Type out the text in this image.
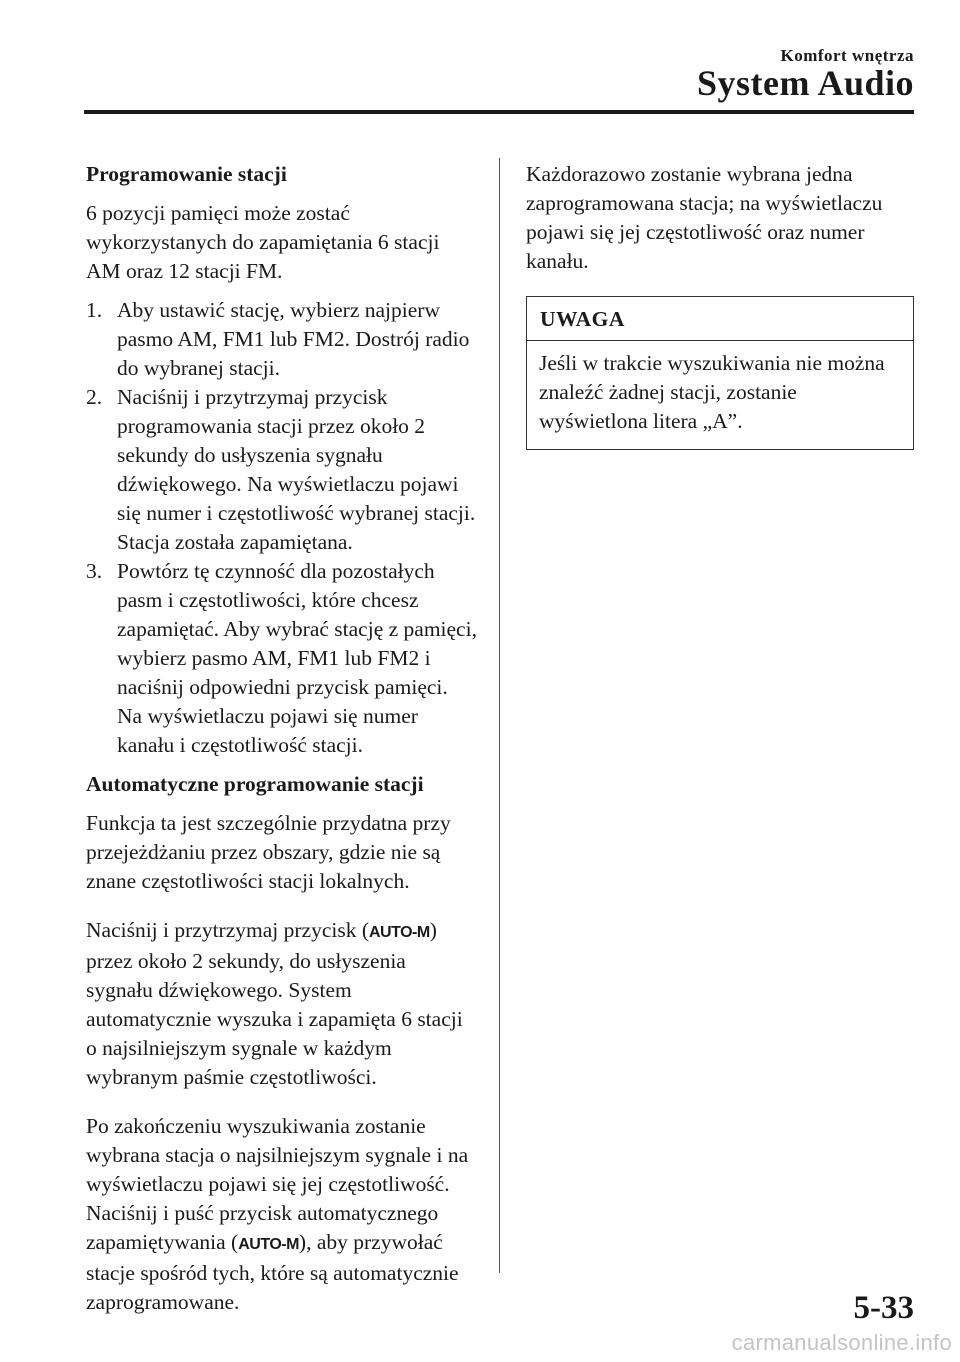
Komfort wnętrza
System Audio
Programowanie stacji

6 pozycji pamięci może zostać wykorzystanych do zapamiętania 6 stacji AM oraz 12 stacji FM.

1. Aby ustawić stację, wybierz najpierw pasmo AM, FM1 lub FM2. Dostrój radio do wybranej stacji.
2. Naciśnij i przytrzymaj przycisk programowania stacji przez około 2 sekundy do usłyszenia sygnału dźwiękowego. Na wyświetlaczu pojawi się numer i częstotliwość wybranej stacji. Stacja została zapamiętana.
3. Powtórz tę czynność dla pozostałych pasm i częstotliwości, które chcesz zapamiętać. Aby wybrać stację z pamięci, wybierz pasmo AM, FM1 lub FM2 i naciśnij odpowiedni przycisk pamięci. Na wyświetlaczu pojawi się numer kanału i częstotliwość stacji.
Automatyczne programowanie stacji

Funkcja ta jest szczególnie przydatna przy przejeżdżaniu przez obszary, gdzie nie są znane częstotliwości stacji lokalnych.

Naciśnij i przytrzymaj przycisk (AUTO-M) przez około 2 sekundy, do usłyszenia sygnału dźwiękowego. System automatycznie wyszuka i zapamięta 6 stacji o najsilniejszym sygnale w każdym wybranym paśmie częstotliwości.

Po zakończeniu wyszukiwania zostanie wybrana stacja o najsilniejszym sygnale i na wyświetlaczu pojawi się jej częstotliwość. Naciśnij i puść przycisk automatycznego zapamiętywania (AUTO-M), aby przywołać stacje spośród tych, które są automatycznie zaprogramowane.

Każdorazowo zostanie wybrana jedna zaprogramowana stacja; na wyświetlaczu pojawi się jej częstotliwość oraz numer kanału.

UWAGA
Jeśli w trakcie wyszukiwania nie można znaleźć żadnej stacji, zostanie wyświetlona litera „A”.
5-33
carmanualsonline.info
